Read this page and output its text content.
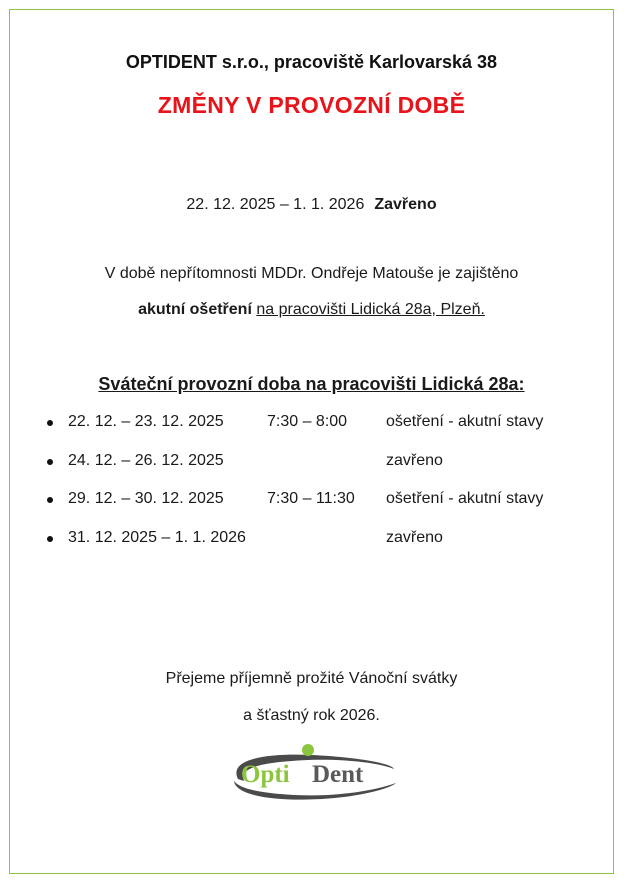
OPTIDENT s.r.o., pracoviště Karlovarská 38
ZMĚNY V PROVOZNÍ DOBĚ
22. 12. 2025 – 1. 1. 2026 Zavřeno
V době nepřítomnosti MDDr. Ondřeje Matouše je zajištěno
akutní ošetření na pracovišti Lidická 28a, Plzeň.
Sváteční provozní doba na pracovišti Lidická 28a:
22. 12. – 23. 12. 2025	7:30 – 8:00 ošetření - akutní stavy
24. 12. – 26. 12. 2025	zavřeno
29. 12. – 30. 12. 2025	7:30 – 11:30 ošetření - akutní stavy
31. 12. 2025 – 1. 1. 2026	zavřeno
Přejeme příjemně prožité Vánoční svátky
a šťastný rok 2026.
Opti Dent
